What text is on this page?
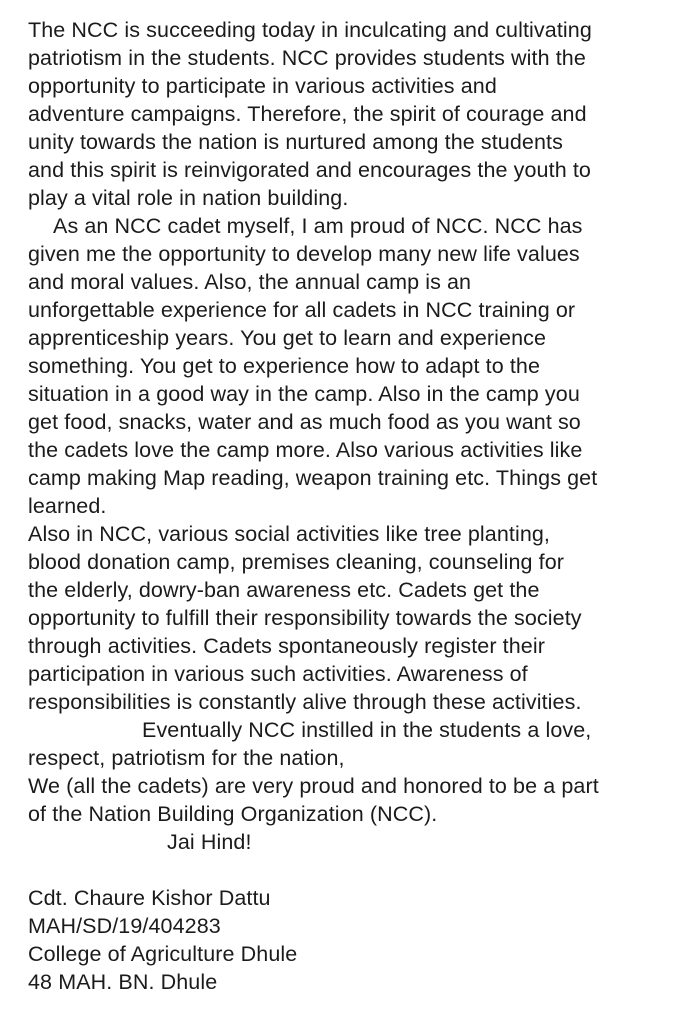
The NCC is succeeding today in inculcating and cultivating
patriotism in the students. NCC provides students with the
opportunity to participate in various activities and
adventure campaigns. Therefore, the spirit of courage and
unity towards the nation is nurtured among the students
and this spirit is reinvigorated and encourages the youth to
play a vital role in nation building.
As an NCC cadet myself, I am proud of NCC. NCC has
given me the opportunity to develop many new life values
and moral values. Also, the annual camp is an
unforgettable experience for all cadets in NCC training or
apprenticeship years. You get to learn and experience
something. You get to experience how to adapt to the
situation in a good way in the camp. Also in the camp you
get food, snacks, water and as much food as you want so
the cadets love the camp more. Also various activities like
camp making Map reading, weapon training etc. Things get
learned.
Also in NCC, various social activities like tree planting,
blood donation camp, premises cleaning, counseling for
the elderly, dowry-ban awareness etc. Cadets get the
opportunity to fulfill their responsibility towards the society
through activities. Cadets spontaneously register their
participation in various such activities. Awareness of
responsibilities is constantly alive through these activities.
Eventually NCC instilled in the students a love,
respect, patriotism for the nation,
We (all the cadets) are very proud and honored to be a part
of the Nation Building Organization (NCC).
Jai Hind!
Cdt. Chaure Kishor Dattu
MAH/SD/19/404283
College of Agriculture Dhule
48 MAH. BN. Dhule
